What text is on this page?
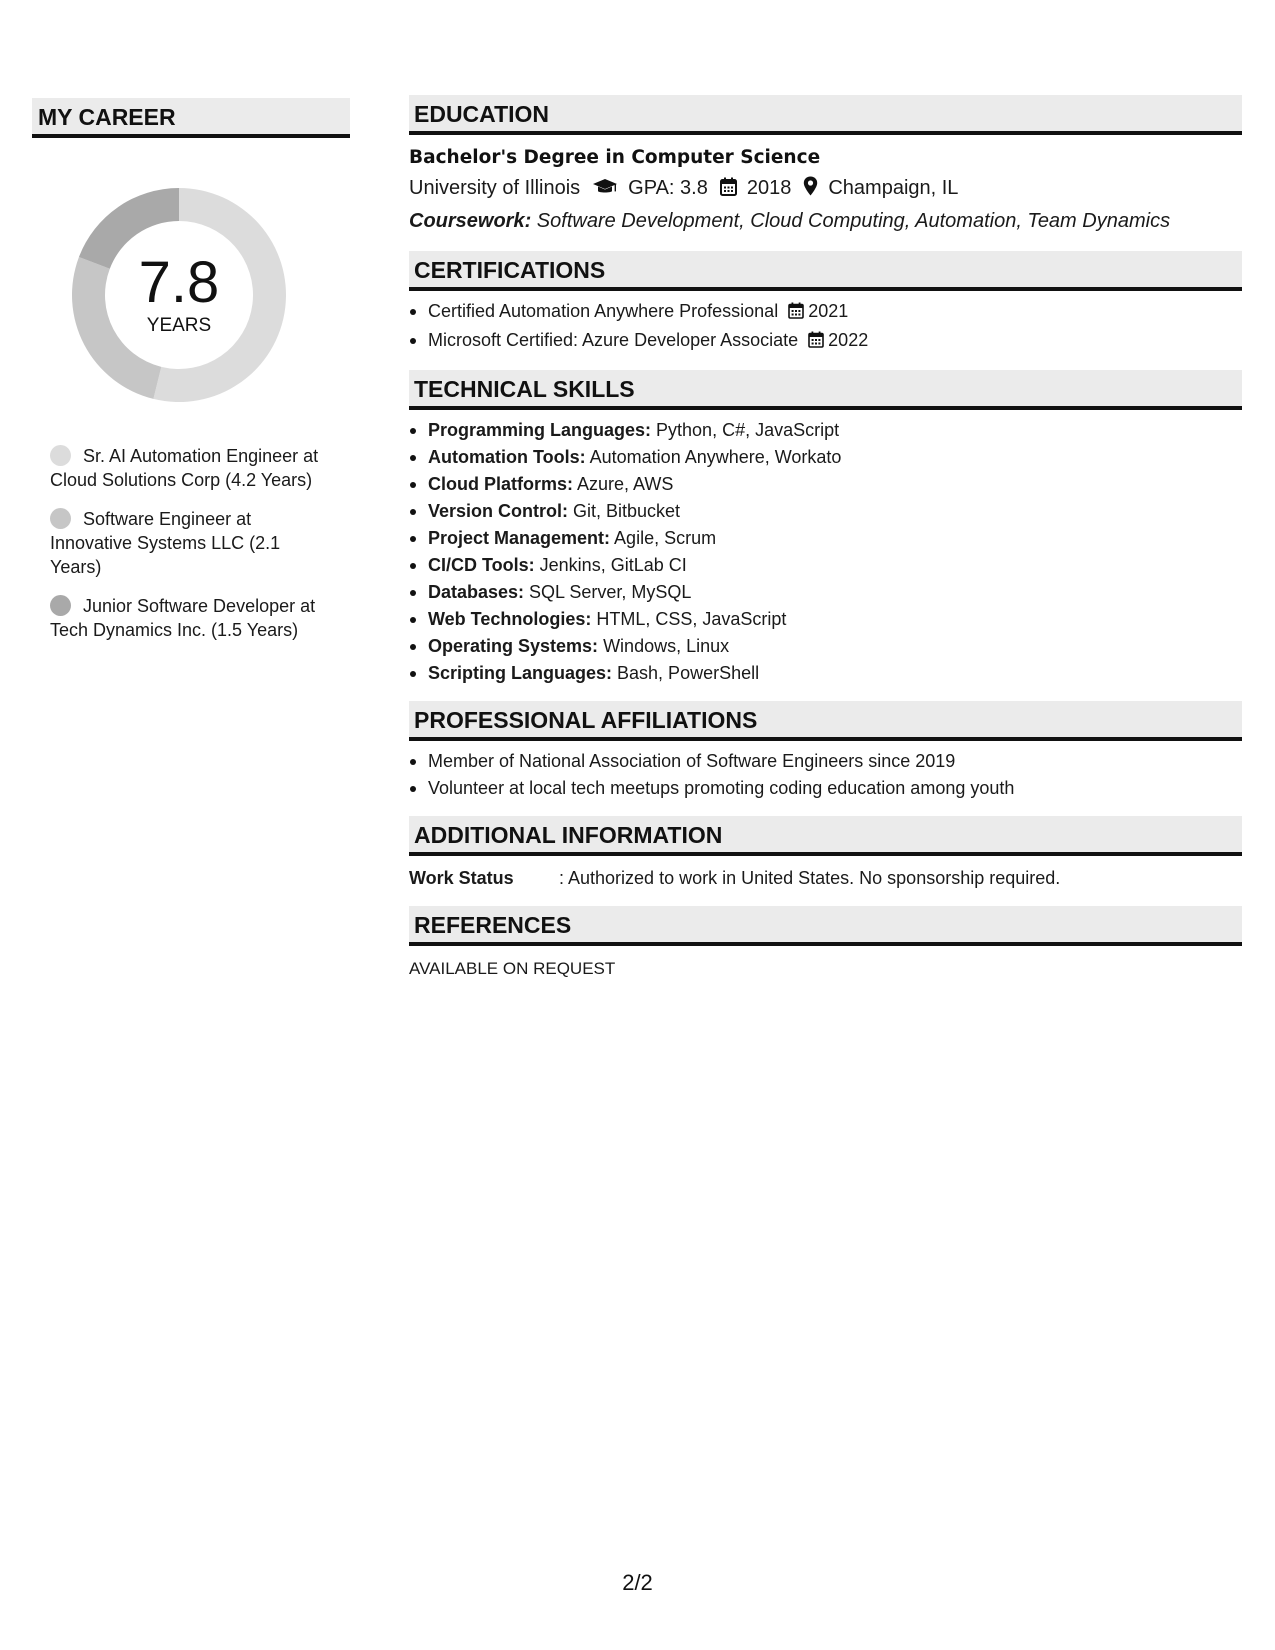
MY CAREER
7.8
YEARS
Sr. AI Automation Engineer at Cloud Solutions Corp (4.2 Years)
Software Engineer at Innovative Systems LLC (2.1 Years)
Junior Software Developer at Tech Dynamics Inc. (1.5 Years)
EDUCATION
Bachelor's Degree in Computer Science
University of Illinois GPA: 3.8 2018 Champaign, IL
Coursework: Software Development, Cloud Computing, Automation, Team Dynamics
CERTIFICATIONS
Certified Automation Anywhere Professional 2021
Microsoft Certified: Azure Developer Associate 2022
TECHNICAL SKILLS
Programming Languages: Python, C#, JavaScript
Automation Tools: Automation Anywhere, Workato
Cloud Platforms: Azure, AWS
Version Control: Git, Bitbucket
Project Management: Agile, Scrum
CI/CD Tools: Jenkins, GitLab CI
Databases: SQL Server, MySQL
Web Technologies: HTML, CSS, JavaScript
Operating Systems: Windows, Linux
Scripting Languages: Bash, PowerShell
PROFESSIONAL AFFILIATIONS
Member of National Association of Software Engineers since 2019
Volunteer at local tech meetups promoting coding education among youth
ADDITIONAL INFORMATION
Work Status	: Authorized to work in United States. No sponsorship required.
REFERENCES
AVAILABLE ON REQUEST
2/2
